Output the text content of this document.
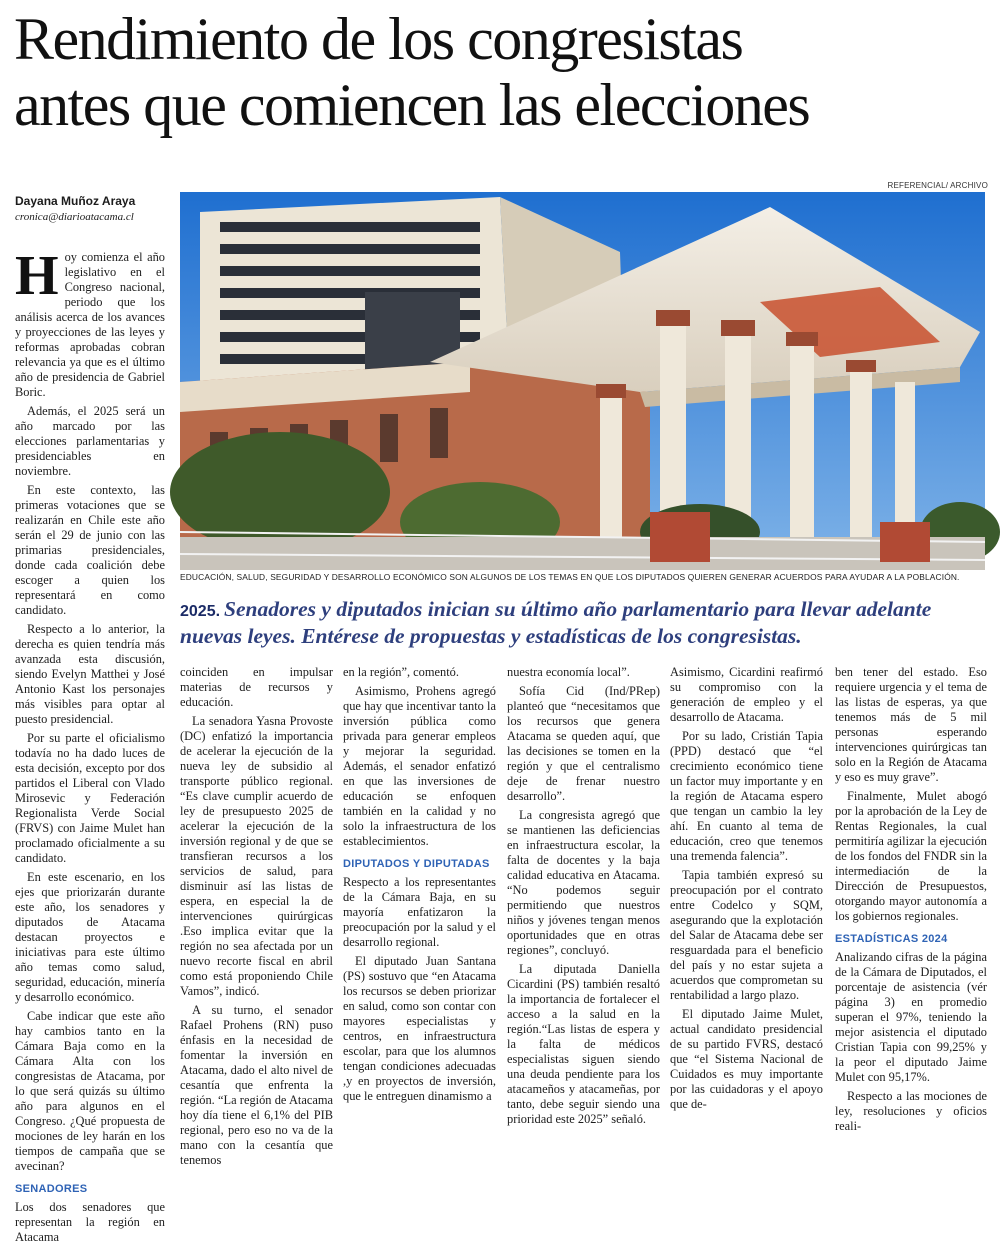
Rendimiento de los congresistas
antes que comiencen las elecciones
Dayana Muñoz Araya
cronica@diarioatacama.cl
REFERENCIAL/ ARCHIVO
EDUCACIÓN, SALUD, SEGURIDAD Y DESARROLLO ECONÓMICO SON ALGUNOS DE LOS TEMAS EN QUE LOS DIPUTADOS QUIEREN GENERAR ACUERDOS PARA AYUDAR A LA POBLACIÓN.

2025. Senadores y diputados inician su último año parlamentario para llevar adelante nuevas leyes. Entérese de propuestas y estadísticas de los congresistas.

Hoy comienza el año legislativo en el Congreso nacional, periodo que los análisis acerca de los avances y proyecciones de las leyes y reformas aprobadas cobran relevancia ya que es el último año de presidencia de Gabriel Boric.

Además, el 2025 será un año marcado por las elecciones parlamentarias y presidenciables en noviembre.

En este contexto, las primeras votaciones que se realizarán en Chile este año serán el 29 de junio con las primarias presidenciales, donde cada coalición debe escoger a quien los representará en como candidato.

Respecto a lo anterior, la derecha es quien tendría más avanzada esta discusión, siendo Evelyn Matthei y José Antonio Kast los personajes más visibles para optar al puesto presidencial.

Por su parte el oficialismo todavía no ha dado luces de esta decisión, excepto por dos partidos el Liberal con Vlado Mirosevic y Federación Regionalista Verde Social (FRVS) con Jaime Mulet han proclamado oficialmente a su candidato.

En este escenario, en los ejes que priorizarán durante este año, los senadores y diputados de Atacama destacan proyectos e iniciativas para este último año temas como salud, seguridad, educación, minería y desarrollo económico.

Cabe indicar que este año hay cambios tanto en la Cámara Baja como en la Cámara Alta con los congresistas de Atacama, por lo que será quizás su último año para algunos en el Congreso. ¿Qué propuesta de mociones de ley harán en los tiempos de campaña que se avecinan?

SENADORES

Los dos senadores que representan la región en Atacama

coinciden en impulsar materias de recursos y educación.

La senadora Yasna Provoste (DC) enfatizó la importancia de acelerar la ejecución de la nueva ley de subsidio al transporte público regional. “Es clave cumplir acuerdo de ley de presupuesto 2025 de acelerar la ejecución de la inversión regional y de que se transfieran recursos a los servicios de salud, para disminuir así las listas de espera, en especial la de intervenciones quirúrgicas .Eso implica evitar que la región no sea afectada por un nuevo recorte fiscal en abril como está proponiendo Chile Vamos”, indicó.

A su turno, el senador Rafael Prohens (RN) puso énfasis en la necesidad de fomentar la inversión en Atacama, dado el alto nivel de cesantía que enfrenta la región. “La región de Atacama hoy día tiene el 6,1% del PIB regional, pero eso no va de la mano con la cesantía que tenemos

en la región”, comentó.

Asimismo, Prohens agregó que hay que incentivar tanto la inversión pública como privada para generar empleos y mejorar la seguridad. Además, el senador enfatizó en que las inversiones de educación se enfoquen también en la calidad y no solo la infraestructura de los establecimientos.

DIPUTADOS Y DIPUTADAS

Respecto a los representantes de la Cámara Baja, en su mayoría enfatizaron la preocupación por la salud y el desarrollo regional.

El diputado Juan Santana (PS) sostuvo que “en Atacama los recursos se deben priorizar en salud, como son contar con mayores especialistas y centros, en infraestructura escolar, para que los alumnos tengan condiciones adecuadas ,y en proyectos de inversión, que le entreguen dinamismo a

nuestra economía local”.

Sofía Cid (Ind/PRep) planteó que “necesitamos que los recursos que genera Atacama se queden aquí, que las decisiones se tomen en la región y que el centralismo deje de frenar nuestro desarrollo”.

La congresista agregó que se mantienen las deficiencias en infraestructura escolar, la falta de docentes y la baja calidad educativa en Atacama. “No podemos seguir permitiendo que nuestros niños y jóvenes tengan menos oportunidades que en otras regiones”, concluyó.

La diputada Daniella Cicardini (PS) también resaltó la importancia de fortalecer el acceso a la salud en la región.“Las listas de espera y la falta de médicos especialistas siguen siendo una deuda pendiente para los atacameños y atacameñas, por tanto, debe seguir siendo una prioridad este 2025” señaló.

Asimismo, Cicardini reafirmó su compromiso con la generación de empleo y el desarrollo de Atacama.

Por su lado, Cristián Tapia (PPD) destacó que “el crecimiento económico tiene un factor muy importante y en la región de Atacama espero que tengan un cambio la ley ahí. En cuanto al tema de educación, creo que tenemos una tremenda falencia”.

Tapia también expresó su preocupación por el contrato entre Codelco y SQM, asegurando que la explotación del Salar de Atacama debe ser resguardada para el beneficio del país y no estar sujeta a acuerdos que comprometan su rentabilidad a largo plazo.

El diputado Jaime Mulet, actual candidato presidencial de su partido FVRS, destacó que “el Sistema Nacional de Cuidados es muy importante por las cuidadoras y el apoyo que de-

ben tener del estado. Eso requiere urgencia y el tema de las listas de esperas, ya que tenemos más de 5 mil personas esperando intervenciones quirúrgicas tan solo en la Región de Atacama y eso es muy grave”.

Finalmente, Mulet abogó por la aprobación de la Ley de Rentas Regionales, la cual permitiría agilizar la ejecución de los fondos del FNDR sin la intermediación de la Dirección de Presupuestos, otorgando mayor autonomía a los gobiernos regionales.

ESTADÍSTICAS 2024

Analizando cifras de la página de la Cámara de Diputados, el porcentaje de asistencia (vér página 3) en promedio superan el 97%, teniendo la mejor asistencia el diputado Cristian Tapia con 99,25% y la peor el diputado Jaime Mulet con 95,17%.

Respecto a las mociones de ley, resoluciones y oficios reali-
